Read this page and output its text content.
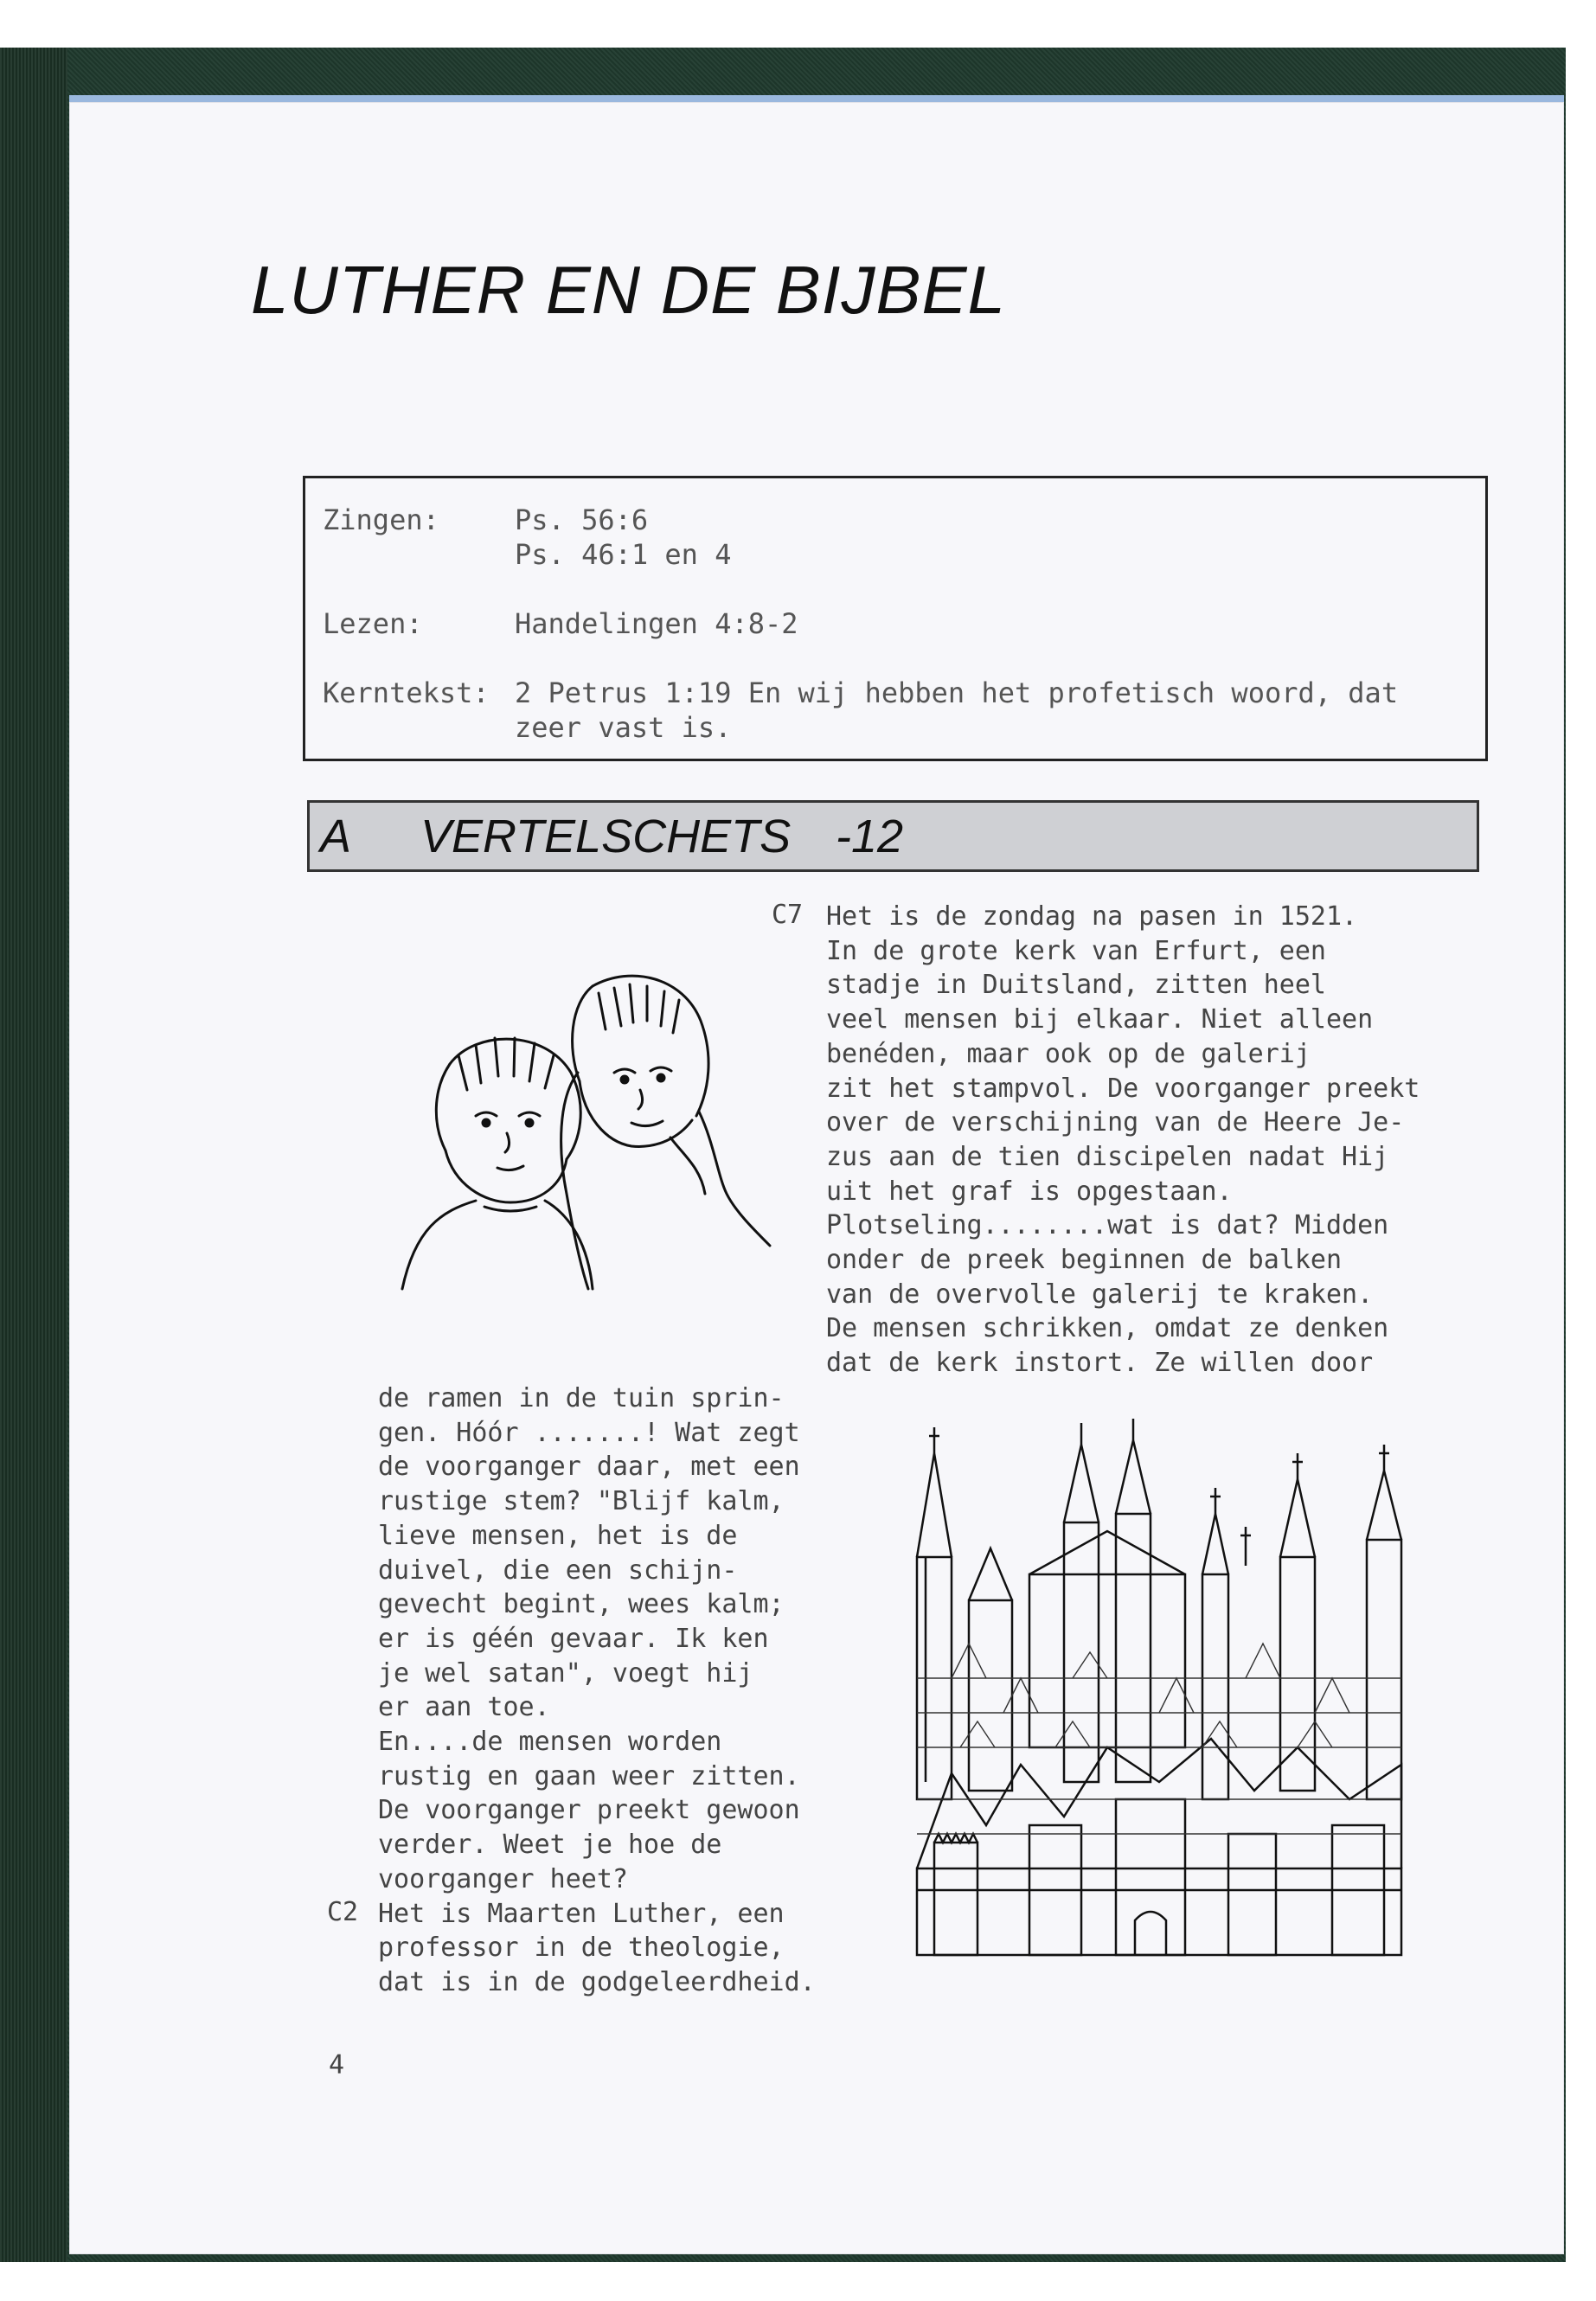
LUTHER EN DE BIJBEL

Zingen:

	Ps. 56:6

Ps. 46:1 en 4

Lezen:

	Handelingen 4:8-2

Kerntekst:

2 Petrus 1:19 En wij hebben het profetisch woord, dat

zeer vast is.

A VERTELSCHETS -12
C7 Het is de zondag na pasen in 1521.
In de grote kerk van Erfurt, een
stadje in Duitsland, zitten heel
veel mensen bij elkaar. Niet alleen
benéden, maar ook op de galerij
zit het stampvol. De voorganger preekt
over de verschijning van de Heere Je-
zus aan de tien discipelen nadat Hij
uit het graf is opgestaan.
Plotseling........wat is dat? Midden
onder de preek beginnen de balken
van de overvolle galerij te kraken.
De mensen schrikken, omdat ze denken
dat de kerk instort. Ze willen door
de ramen in de tuin sprin-
gen. Hóór .......! Wat zegt
de voorganger daar, met een
rustige stem? "Blijf kalm,
lieve mensen, het is de
duivel, die een schijn-
gevecht begint, wees kalm;
er is géén gevaar. Ik ken
je wel satan", voegt hij
er aan toe.
En....de mensen worden
rustig en gaan weer zitten.
De voorganger preekt gewoon
verder. Weet je hoe de
voorganger heet?
Het is Maarten Luther, een
professor in de theologie,
dat is in de godgeleerdheid.
C2
4
